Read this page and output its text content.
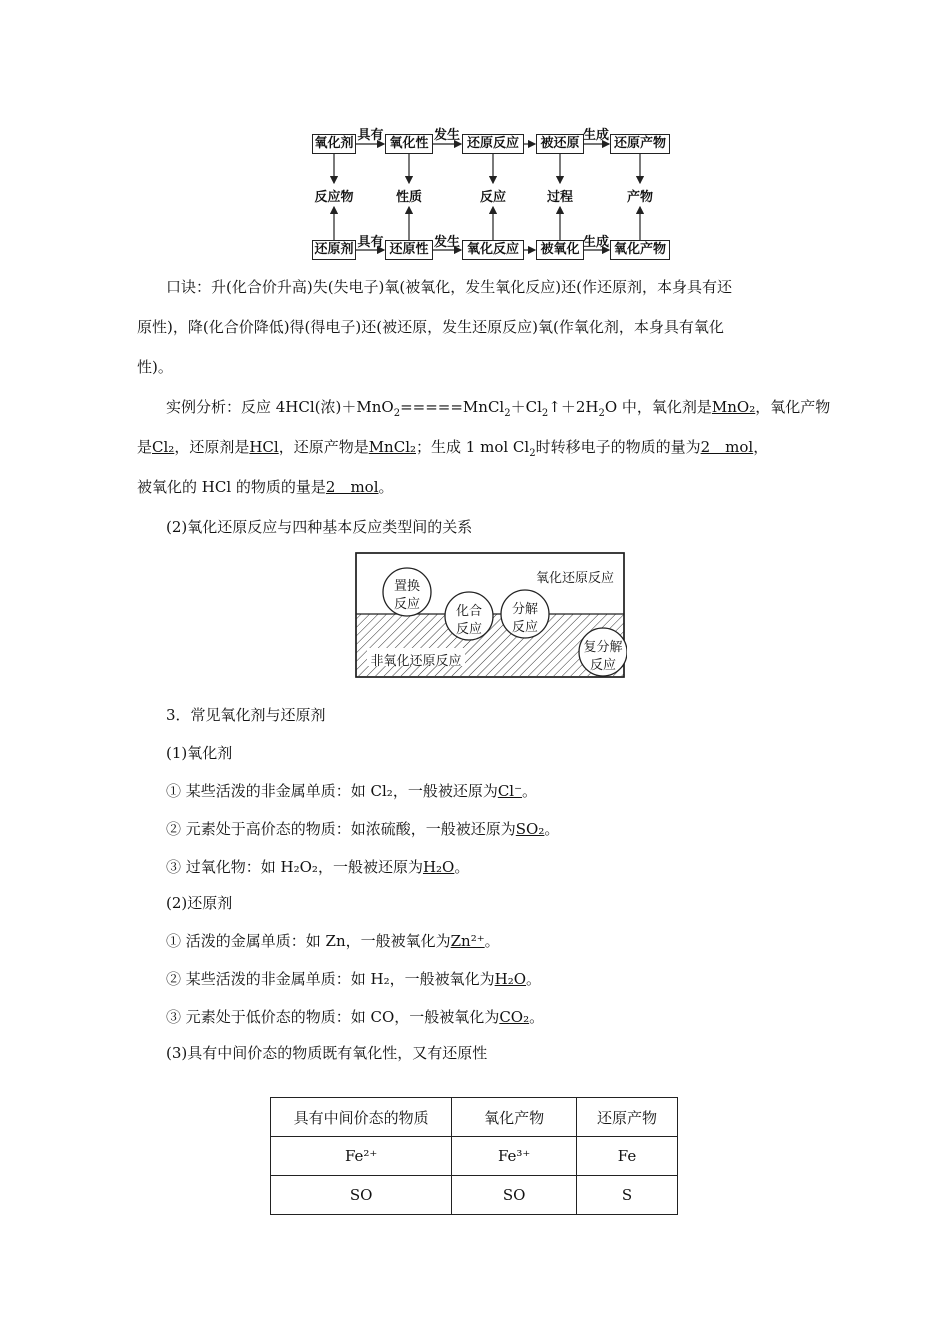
氧化剂	氧化性	还原反应	被还原	还原产物
具有	发生	生成
反应物	性质	反应	过程	产物
还原剂	还原性	氧化反应	被氧化	氧化产物
具有	发生	生成
口诀：升(化合价升高)失(失电子)氧(被氧化，发生氧化反应)还(作还原剂，本身具有还
原性)，降(化合价降低)得(得电子)还(被还原，发生还原反应)氧(作氧化剂，本身具有氧化
性)。
实例分析：反应 4HCl(浓)$+MnO_2=====MnCl_2+Cl_2↑+2H_2O$ 中，氧化剂是MnO₂，氧化产物
是Cl₂，还原剂是HCl，还原产物是MnCl₂；生成 1 mol $Cl_2$时转移电子的物质的量为2　mol，
被氧化的 HCl 的物质的量是2　mol。
(2)氧化还原反应与四种基本反应类型间的关系
氧化还原反应
非氧化还原反应
置换
反应	化合
反应
分解
反应
复分解
反应
3．常见氧化剂与还原剂
(1)氧化剂
① 某些活泼的非金属单质：如 Cl₂，一般被还原为Cl⁻。
② 元素处于高价态的物质：如浓硫酸，一般被还原为SO₂。
③ 过氧化物：如 H₂O₂，一般被还原为H₂O。
(2)还原剂
① 活泼的金属单质：如 Zn，一般被氧化为Zn²⁺。
② 某些活泼的非金属单质：如 H₂，一般被氧化为H₂O。
③ 元素处于低价态的物质：如 CO，一般被氧化为CO₂。
(3)具有中间价态的物质既有氧化性，又有还原性
具有中间价态的物质	氧化产物	还原产物
Fe²⁺	Fe³⁺	Fe
SO	SO	S
